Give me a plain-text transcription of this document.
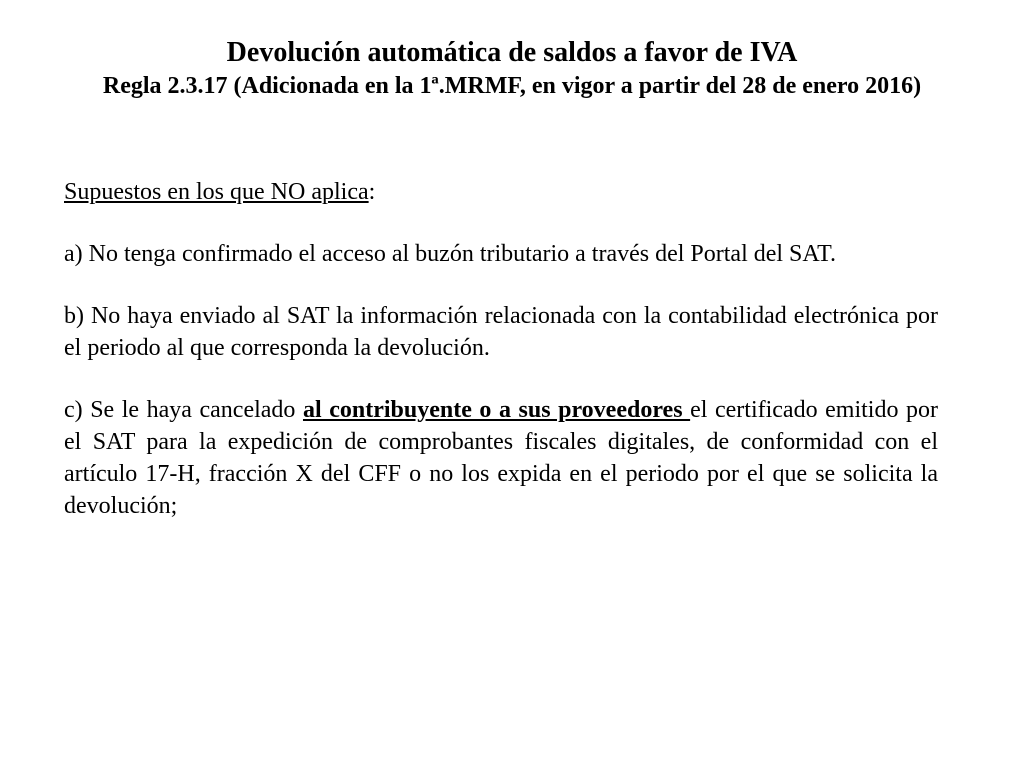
Devolución automática de saldos a favor de IVA
Regla 2.3.17 (Adicionada en la 1ª.MRMF, en vigor a partir del 28 de enero 2016)

Supuestos en los que NO aplica:

a) No tenga confirmado el acceso al buzón tributario a través del Portal del SAT.

b) No haya enviado al SAT la información relacionada con la contabilidad electrónica por el periodo al que corresponda la devolución.

c) Se le haya cancelado al contribuyente o a sus proveedores el certificado emitido por el SAT para la expedición de comprobantes fiscales digitales, de conformidad con el artículo 17-H, fracción X del CFF o no los expida en el periodo por el que se solicita la devolución;
